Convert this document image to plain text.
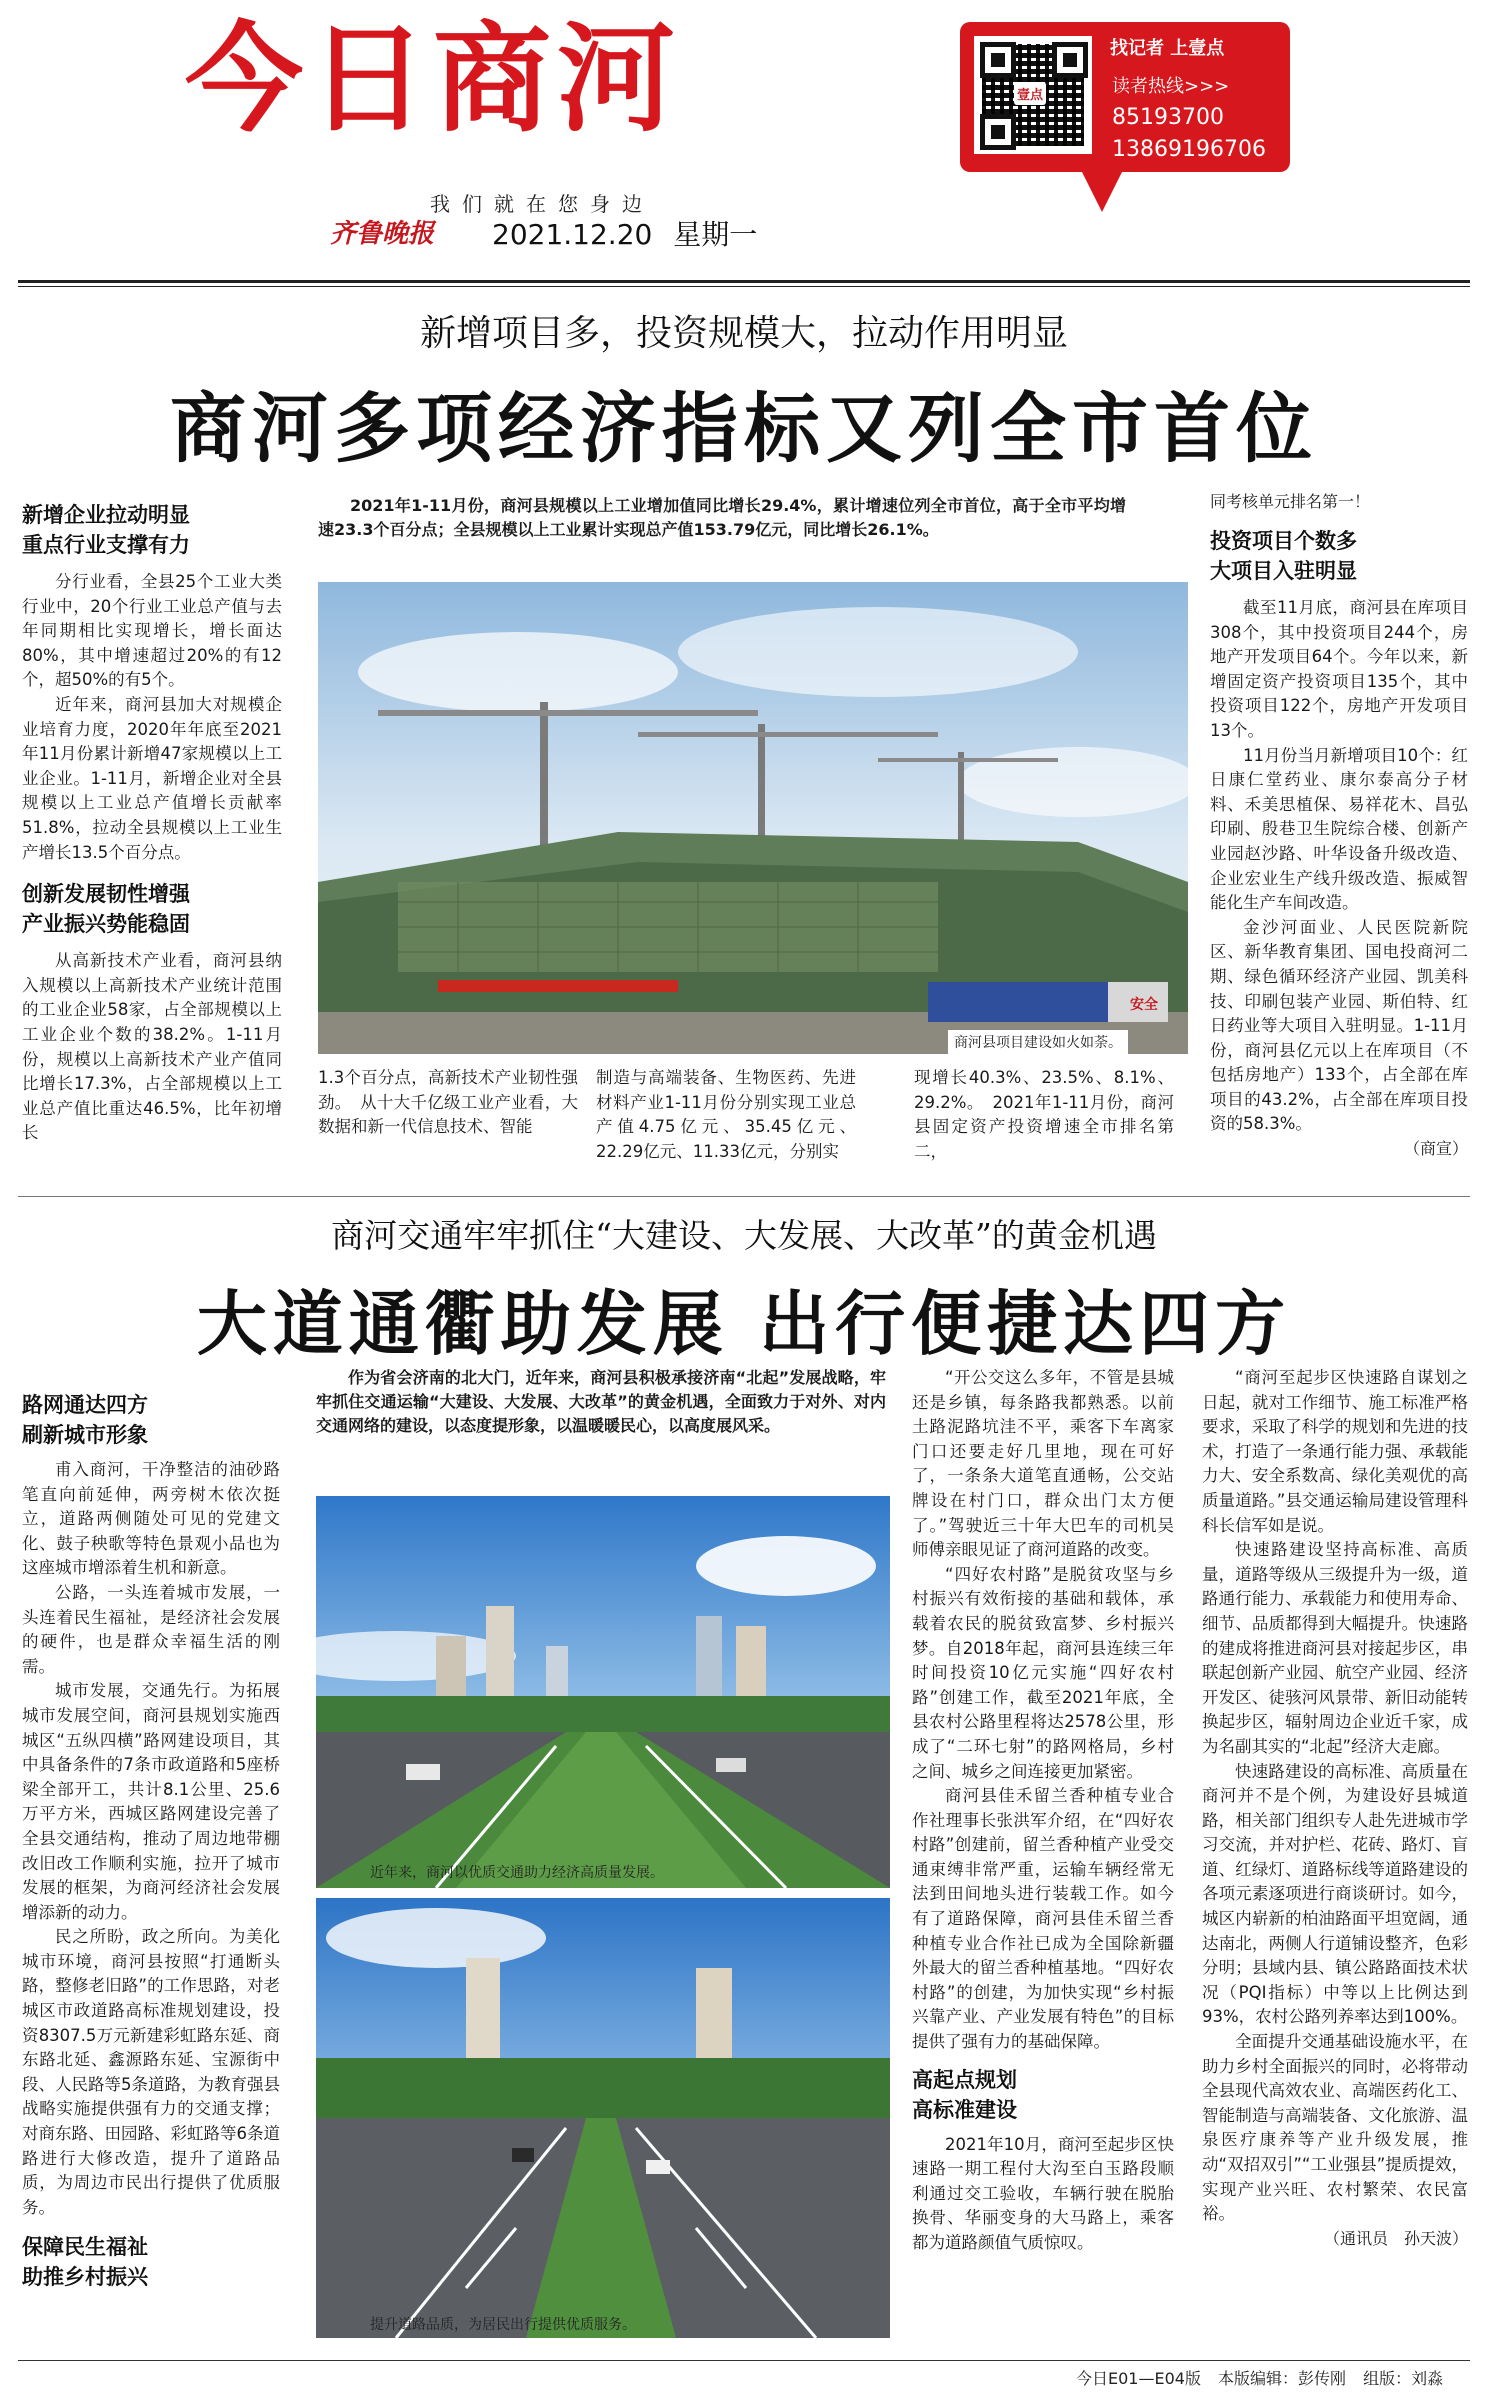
今日商河
我们就在您身边
齐鲁晚报 2021.12.20 星期一
壹点
找记者 上壹点
读者热线>>>
85193700
13869196706
新增项目多，投资规模大，拉动作用明显
商河多项经济指标又列全市首位
新增企业拉动明显
重点行业支撑有力

分行业看，全县25个工业大类行业中，20个行业工业总产值与去年同期相比实现增长，增长面达80%，其中增速超过20%的有12个，超50%的有5个。

近年来，商河县加大对规模企业培育力度，2020年年底至2021年11月份累计新增47家规模以上工业企业。1-11月，新增企业对全县规模以上工业总产值增长贡献率51.8%，拉动全县规模以上工业生产增长13.5个百分点。

创新发展韧性增强
产业振兴势能稳固

从高新技术产业看，商河县纳入规模以上高新技术产业统计范围的工业企业58家，占全部规模以上工业企业个数的38.2%。1-11月份，规模以上高新技术产业产值同比增长17.3%，占全部规模以上工业总产值比重达46.5%，比年初增长

2021年1-11月份，商河县规模以上工业增加值同比增长29.4%，累计增速位列全市首位，高于全市平均增速23.3个百分点；全县规模以上工业累计实现总产值153.79亿元，同比增长26.1%。
安全
商河县项目建设如火如荼。
1.3个百分点，高新技术产业韧性强劲。　从十大千亿级工业产业看，大数据和新一代信息技术、智能
制造与高端装备、生物医药、先进材料产业1-11月份分别实现工业总产值4.75亿元、35.45亿元、22.29亿元、11.33亿元，分别实
现增长40.3%、23.5%、8.1%、29.2%。　2021年1-11月份，商河县固定资产投资增速全市排名第二，
同考核单元排名第一！
投资项目个数多
大项目入驻明显

截至11月底，商河县在库项目308个，其中投资项目244个，房地产开发项目64个。今年以来，新增固定资产投资项目135个，其中投资项目122个，房地产开发项目13个。

11月份当月新增项目10个：红日康仁堂药业、康尔泰高分子材料、禾美思植保、易祥花木、昌弘印刷、殷巷卫生院综合楼、创新产业园赵沙路、叶华设备升级改造、企业宏业生产线升级改造、振威智能化生产车间改造。

金沙河面业、人民医院新院区、新华教育集团、国电投商河二期、绿色循环经济产业园、凯美科技、印刷包装产业园、斯伯特、红日药业等大项目入驻明显。1-11月份，商河县亿元以上在库项目（不包括房地产）133个，占全部在库项目的43.2%，占全部在库项目投资的58.3%。

（商宣）
商河交通牢牢抓住“大建设、大发展、大改革”的黄金机遇
大道通衢助发展 出行便捷达四方
路网通达四方
刷新城市形象

甫入商河，干净整洁的油砂路笔直向前延伸，两旁树木依次挺立，道路两侧随处可见的党建文化、鼓子秧歌等特色景观小品也为这座城市增添着生机和新意。

公路，一头连着城市发展，一头连着民生福祉，是经济社会发展的硬件，也是群众幸福生活的刚需。

城市发展，交通先行。为拓展城市发展空间，商河县规划实施西城区“五纵四横”路网建设项目，其中具备条件的7条市政道路和5座桥梁全部开工，共计8.1公里、25.6万平方米，西城区路网建设完善了全县交通结构，推动了周边地带棚改旧改工作顺利实施，拉开了城市发展的框架，为商河经济社会发展增添新的动力。

民之所盼，政之所向。为美化城市环境，商河县按照“打通断头路，整修老旧路”的工作思路，对老城区市政道路高标准规划建设，投资8307.5万元新建彩虹路东延、商东路北延、鑫源路东延、宝源街中段、人民路等5条道路，为教育强县战略实施提供强有力的交通支撑；对商东路、田园路、彩虹路等6条道路进行大修改造，提升了道路品质，为周边市民出行提供了优质服务。

保障民生福祉
助推乡村振兴
作为省会济南的北大门，近年来，商河县积极承接济南“北起”发展战略，牢牢抓住交通运输“大建设、大发展、大改革”的黄金机遇，全面致力于对外、对内交通网络的建设，以态度提形象，以温暖暖民心，以高度展风采。
近年来，商河以优质交通助力经济高质量发展。
提升道路品质，为居民出行提供优质服务。

“开公交这么多年，不管是县城还是乡镇，每条路我都熟悉。以前土路泥路坑洼不平，乘客下车离家门口还要走好几里地，现在可好了，一条条大道笔直通畅，公交站牌设在村门口，群众出门太方便了。”驾驶近三十年大巴车的司机吴师傅亲眼见证了商河道路的改变。

“四好农村路”是脱贫攻坚与乡村振兴有效衔接的基础和载体，承载着农民的脱贫致富梦、乡村振兴梦。自2018年起，商河县连续三年时间投资10亿元实施“四好农村路”创建工作，截至2021年底，全县农村公路里程将达2578公里，形成了“二环七射”的路网格局，乡村之间、城乡之间连接更加紧密。

商河县佳禾留兰香种植专业合作社理事长张洪军介绍，在“四好农村路”创建前，留兰香种植产业受交通束缚非常严重，运输车辆经常无法到田间地头进行装载工作。如今有了道路保障，商河县佳禾留兰香种植专业合作社已成为全国除新疆外最大的留兰香种植基地。“四好农村路”的创建，为加快实现“乡村振兴靠产业、产业发展有特色”的目标提供了强有力的基础保障。

高起点规划
高标准建设

2021年10月，商河至起步区快速路一期工程付大沟至白玉路段顺利通过交工验收，车辆行驶在脱胎换骨、华丽变身的大马路上，乘客都为道路颜值气质惊叹。

“商河至起步区快速路自谋划之日起，就对工作细节、施工标准严格要求，采取了科学的规划和先进的技术，打造了一条通行能力强、承载能力大、安全系数高、绿化美观优的高质量道路。”县交通运输局建设管理科科长信军如是说。

快速路建设坚持高标准、高质量，道路等级从三级提升为一级，道路通行能力、承载能力和使用寿命、细节、品质都得到大幅提升。快速路的建成将推进商河县对接起步区，串联起创新产业园、航空产业园、经济开发区、徒骇河风景带、新旧动能转换起步区，辐射周边企业近千家，成为名副其实的“北起”经济大走廊。

快速路建设的高标准、高质量在商河并不是个例，为建设好县城道路，相关部门组织专人赴先进城市学习交流，并对护栏、花砖、路灯、盲道、红绿灯、道路标线等道路建设的各项元素逐项进行商谈研讨。如今，城区内崭新的柏油路面平坦宽阔，通达南北，两侧人行道铺设整齐，色彩分明；县域内县、镇公路路面技术状况（PQI指标）中等以上比例达到93%，农村公路列养率达到100%。

全面提升交通基础设施水平，在助力乡村全面振兴的同时，必将带动全县现代高效农业、高端医药化工、智能制造与高端装备、文化旅游、温泉医疗康养等产业升级发展，推动“双招双引”“工业强县”提质提效，实现产业兴旺、农村繁荣、农民富裕。

（通讯员　孙天波）
今日E01—E04版 本版编辑：彭传刚 组版：刘淼
